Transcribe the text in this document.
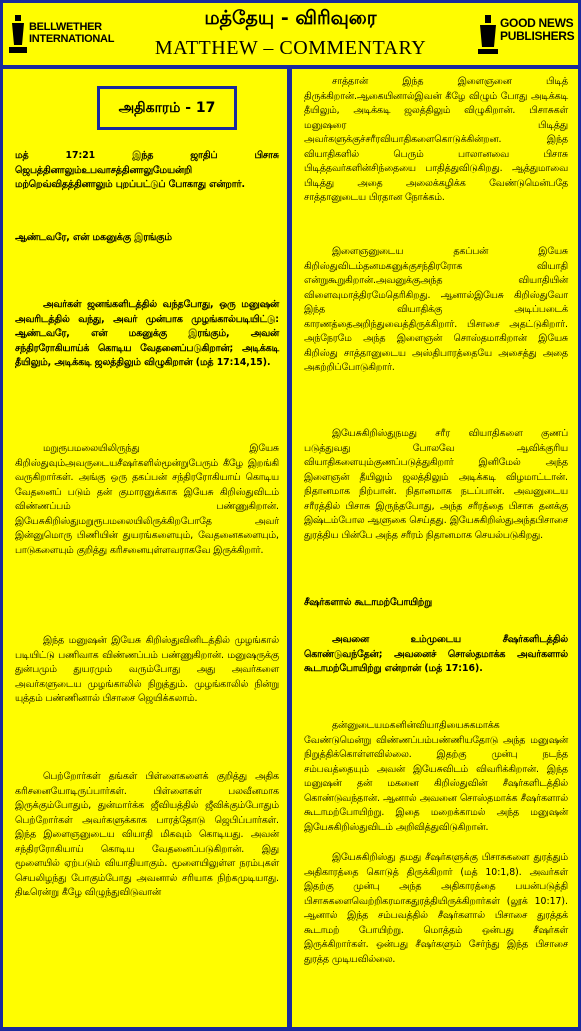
BELLWETHER
INTERNATIONAL
மத்தேயு - விரிவுரை
MATTHEW – COMMENTARY
GOOD NEWS
PUBLISHERS
அதிகாரம் - 17
மத் 17:21 இந்த ஜாதிப் பிசாசு ஜெபத்தினாலும்உபவாசத்தினாலுமேயன்றி மற்றெவ்விதத்தினாலும் புறப்பட்டுப் போகாது என்றார்.
ஆண்டவரே, என் மகனுக்கு இரங்கும்
அவர்கள் ஜனங்களிடத்தில் வந்தபோது, ஒரு மனுஷன் அவரிடத்தில் வந்து, அவர் முன்பாக முழங்கால்படியிட்டு: ஆண்டவரே, என் மகனுக்கு இரங்கும், அவன் சந்திரரோகியாய்க் கொடிய வேதனைப்படுகிறான்; அடிக்கடி தீயிலும், அடிக்கடி ஜலத்திலும் விழுகிறான் (மத் 17:14,15).
மறுரூபமலையிலிருந்து இயேசு கிறிஸ்துவும்அவருடையசீஷர்களில்மூன்றுபேரும் கீழே இறங்கி வருகிறார்கள். அங்கு ஒரு தகப்பன் சந்திரரோகியாய் கொடிய வேதனைப் படும் தன் குமாரனுக்காக இயேசு கிறிஸ்துவிடம் விண்ணப்பம் பண்ணுகிறான். இயேசுகிறிஸ்துமறுரூபமலையிலிருக்கிறபோதே அவர் இன்னுமொரு பிணியின் துயரங்களையும், வேதனைகளையும், பாடுகளையும் குறித்து கரிசனையுள்ளவராகவே இருக்கிறார்.
இந்த மனுஷன் இயேசு கிறிஸ்துவினிடத்தில் முழங்கால் படியிட்டு பணிவாக விண்ணப்பம் பண்ணுகிறான். மனுஷருக்கு துன்பமும் துயரமும் வரும்போது அது அவர்களை அவர்களுடைய முழங்காலில் நிறுத்தும். முழங்காலில் நின்று யுத்தம் பண்ணினால் பிசாசை ஜெயிக்கலாம்.
பெற்றோர்கள் தங்கள் பிள்ளைகளைக் குறித்து அதிக கரிசனையோடிருப்பார்கள். பிள்ளைகள் பலவீனமாக இருக்கும்போதும், துன்மார்க்க ஜீவியத்தில் ஜீவிக்கும்போதும் பெற்றோர்கள் அவர்களுக்காக பாரத்தோடு ஜெபிப்பார்கள். இந்த இளைஞனுடைய வியாதி மிகவும் கொடியது. அவன் சந்திரரோகியாய் கொடிய வேதனைப்படுகிறான். இது மூளையில் ஏற்படும் வியாதியாகும். மூளையிலுள்ள நரம்புகள் செயலிழந்து போகும்போது அவனால் சரியாக நிற்கமுடியாது. திடீரென்று கீழே விழுந்துவிடுவான்
சாத்தான் இந்த இளைஞனை பிடித் திருக்கிறான்.ஆகையினால்இவன் கீழே விழும் போது அடிக்கடி தீயிலும், அடிக்கடி ஜலத்திலும் விழுகிறான். பிசாசுகள் மனுஷரை பிடித்து அவர்களுக்குச்சரீரவியாதிகளைகொடுக்கின்றன. இந்த வியாதிகளில் பெரும் பாலானவை பிசாசு பிடித்தவர்களின்சிந்தையை பாதித்துவிடுகிறது. ஆத்துமாவை பிடித்து அதை அலைக்கழிக்க வேண்டுமென்பதே சாத்தானுடைய பிரதான நோக்கம்.
இளைஞனுடைய தகப்பன் இயேசு கிறிஸ்துவிடம்தனமகனுக்குசந்திரரோக வியாதி என்றுகூறுகிறான்.அவனுக்குஅந்த வியாதியின் விளைவுமாத்திரமேதெரிகிறது. ஆனால்இயேசு கிறிஸ்துவோ இந்த வியாதிக்கு அடிப்படைக் காரணத்தைஅறிந்துவைத்திருக்கிறார். பிசாசை அதட்டுகிறார். அந்நேரமே அந்த இளைஞன் சொஸ்தமாகிறான் இயேசு கிறிஸ்து சாத்தானுடைய அஸ்திபாரத்தையே அசைத்து அதை அகற்றிப்போடுகிறார்.
இயேசுகிறிஸ்துநமது சரீர வியாதிகளை குணப் படுத்துவது போலவே ஆவிக்குரிய வியாதிகளையும்குணப்படுத்துகிறார் இனிமேல் அந்த இளைஞன் தீயிலும் ஜலத்திலும் அடிக்கடி விழமாட்டான். நிதானமாக நிற்பான். நிதானமாக நடப்பான். அவனுடைய சரீரத்தில் பிசாசு இருந்தபோது, அந்த சரீரத்தை பிசாசு தனக்கு இஷ்டம்போல ஆளுகை செய்தது. இயேசுகிறிஸ்துஅந்தபிசாசை துரத்திய பின்பே அந்த சரீரம் நிதானமாக செயல்படுகிறது.
சீஷர்களால் கூடாமற்போயிற்று
அவனை உம்முடைய சீஷர்களிடத்தில் கொண்டுவந்தேன்; அவனைச் சொஸ்தமாக்க அவர்களால் கூடாமற்போயிற்று என்றான் (மத் 17:16).
தன்னுடையமகனின்வியாதியைசுகமாக்க வேண்டுமென்று விண்ணப்பம்பண்ணியதோடு அந்த மனுஷன் நிறுத்திக்கொள்ளவில்லை. இதற்கு முன்பு நடந்த சம்பவத்தையும் அவன் இயேசுவிடம் விவரிக்கிறான். இந்த மனுஷன் தன் மகனை கிறிஸ்துவின் சீஷர்களிடத்தில் கொண்டுவந்தான். ஆனால் அவனை சொஸ்தமாக்க சீஷர்களால் கூடாமற்போயிற்று. இதை மறைக்காமல் அந்த மனுஷன் இயேசுகிறிஸ்துவிடம் அறிவித்துவிடுகிறான்.
இயேசுகிறிஸ்து தமது சீஷர்களுக்கு பிசாசுகளை துரத்தும் அதிகாரத்தை கொடுத் திருக்கிறார் (மத் 10:1,8). அவர்கள் இதற்கு முன்பு அந்த அதிகாரத்தை பயன்படுத்தி பிசாசுகளைவெற்றிகரமாகதுரத்தியிருக்கிறார்கள் (லூக் 10:17). ஆனால் இந்த சம்பவத்தில் சீஷர்களால் பிசாசை துரத்தக் கூடாமற் போயிற்று. மொத்தம் ஒன்பது சீஷர்கள் இருக்கிறார்கள். ஒன்பது சீஷர்களும் சேர்ந்து இந்த பிசாசை துரத்த முடியவில்லை.
